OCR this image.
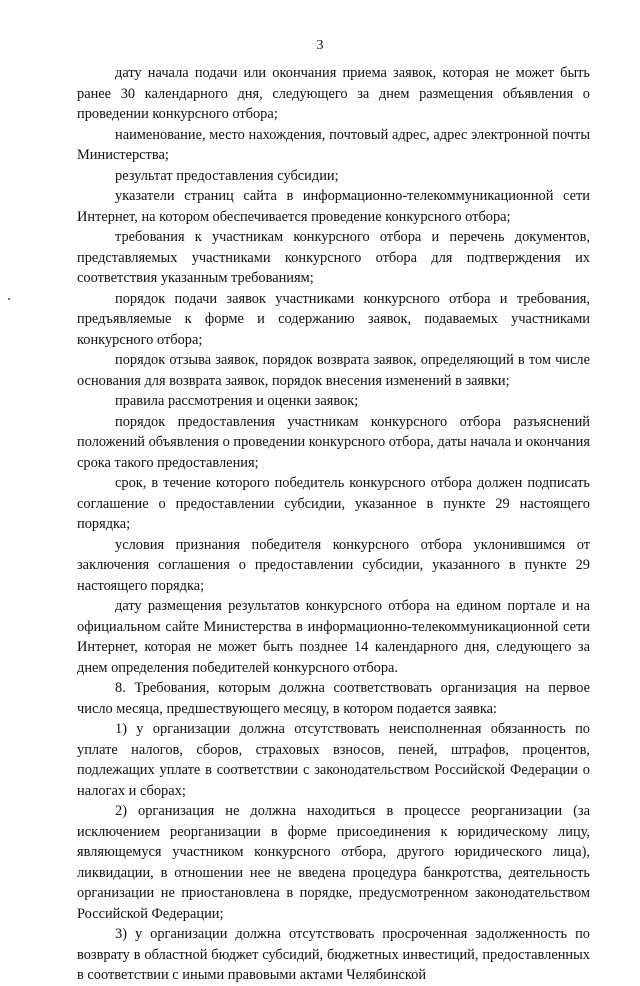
3

дату начала подачи или окончания приема заявок, которая не может быть ранее 30 календарного дня, следующего за днем размещения объявления о проведении конкурсного отбора;

наименование, место нахождения, почтовый адрес, адрес электронной почты Министерства;

результат предоставления субсидии;

указатели страниц сайта в информационно-телекоммуникационной сети Интернет, на котором обеспечивается проведение конкурсного отбора;

требования к участникам конкурсного отбора и перечень документов, представляемых участниками конкурсного отбора для подтверждения их соответствия указанным требованиям;

порядок подачи заявок участниками конкурсного отбора и требования, предъявляемые к форме и содержанию заявок, подаваемых участниками конкурсного отбора;

порядок отзыва заявок, порядок возврата заявок, определяющий в том числе основания для возврата заявок, порядок внесения изменений в заявки;

правила рассмотрения и оценки заявок;

порядок предоставления участникам конкурсного отбора разъяснений положений объявления о проведении конкурсного отбора, даты начала и окончания срока такого предоставления;

срок, в течение которого победитель конкурсного отбора должен подписать соглашение о предоставлении субсидии, указанное в пункте 29 настоящего порядка;

условия признания победителя конкурсного отбора уклонившимся от заключения соглашения о предоставлении субсидии, указанного в пункте 29 настоящего порядка;

дату размещения результатов конкурсного отбора на едином портале и на официальном сайте Министерства в информационно-телекоммуникационной сети Интернет, которая не может быть позднее 14 календарного дня, следующего за днем определения победителей конкурсного отбора.

8. Требования, которым должна соответствовать организация на первое число месяца, предшествующего месяцу, в котором подается заявка:

1) у организации должна отсутствовать неисполненная обязанность по уплате налогов, сборов, страховых взносов, пеней, штрафов, процентов, подлежащих уплате в соответствии с законодательством Российской Федерации о налогах и сборах;

2) организация не должна находиться в процессе реорганизации (за исключением реорганизации в форме присоединения к юридическому лицу, являющемуся участником конкурсного отбора, другого юридического лица), ликвидации, в отношении нее не введена процедура банкротства, деятельность организации не приостановлена в порядке, предусмотренном законодательством Российской Федерации;

3) у организации должна отсутствовать просроченная задолженность по возврату в областной бюджет субсидий, бюджетных инвестиций, предоставленных в соответствии с иными правовыми актами Челябинской
